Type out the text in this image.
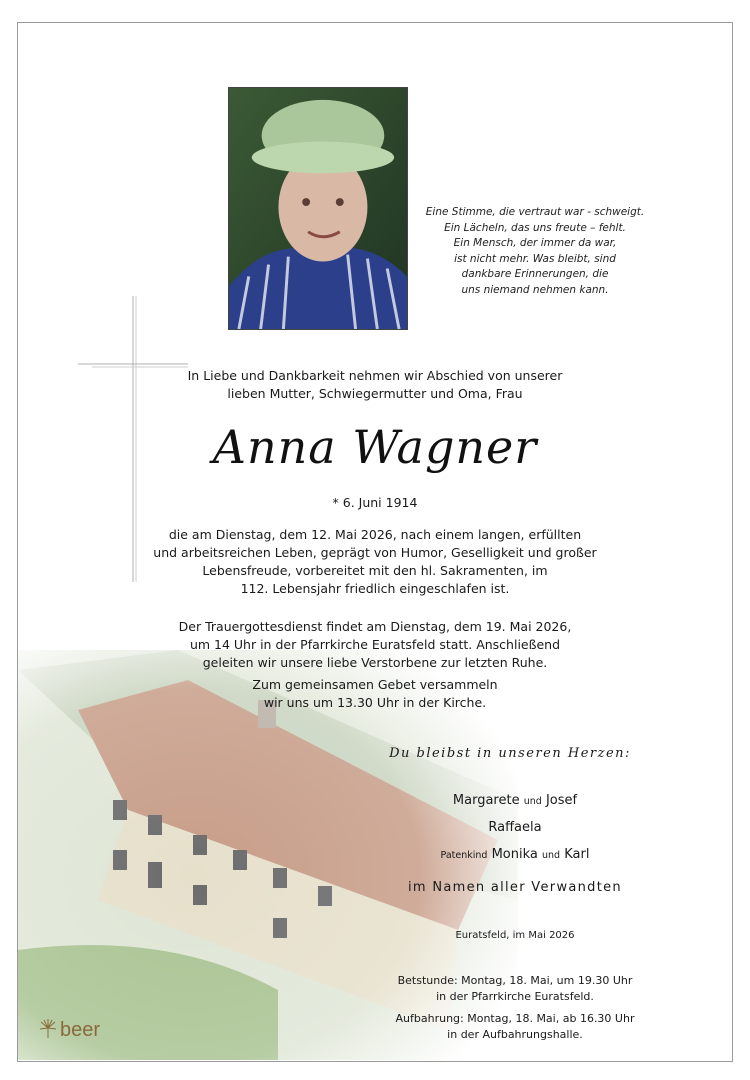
Eine Stimme, die vertraut war - schweigt.
Ein Lächeln, das uns freute – fehlt.
Ein Mensch, der immer da war,
ist nicht mehr. Was bleibt, sind
dankbare Erinnerungen, die
uns niemand nehmen kann.
In Liebe und Dankbarkeit nehmen wir Abschied von unserer
lieben Mutter, Schwiegermutter und Oma, Frau
Anna Wagner
* 6. Juni 1914
die am Dienstag, dem 12. Mai 2026, nach einem langen, erfüllten
und arbeitsreichen Leben, geprägt von Humor, Geselligkeit und großer
Lebensfreude, vorbereitet mit den hl. Sakramenten, im
112. Lebensjahr friedlich eingeschlafen ist.
Der Trauergottesdienst findet am Dienstag, dem 19. Mai 2026,
um 14 Uhr in der Pfarrkirche Euratsfeld statt. Anschließend
geleiten wir unsere liebe Verstorbene zur letzten Ruhe.
Zum gemeinsamen Gebet versammeln
wir uns um 13.30 Uhr in der Kirche.
Du bleibst in unseren Herzen:
Margarete und Josef
Raffaela
Patenkind Monika und Karl
im Namen aller Verwandten
Euratsfeld, im Mai 2026
Betstunde: Montag, 18. Mai, um 19.30 Uhr
in der Pfarrkirche Euratsfeld.
Aufbahrung: Montag, 18. Mai, ab 16.30 Uhr
in der Aufbahrungshalle.
beer
